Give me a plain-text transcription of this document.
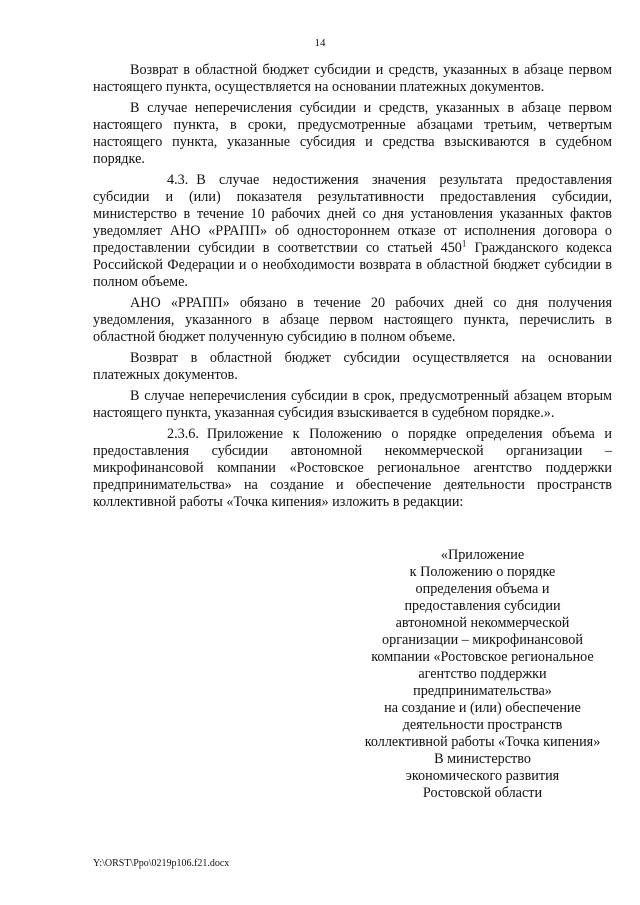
14

Возврат в областной бюджет субсидии и средств, указанных в абзаце первом настоящего пункта, осуществляется на основании платежных документов.

В случае неперечисления субсидии и средств, указанных в абзаце первом настоящего пункта, в сроки, предусмотренные абзацами третьим, четвертым настоящего пункта, указанные субсидия и средства взыскиваются в судебном порядке.

4.3. В случае недостижения значения результата предоставления субсидии и (или) показателя результативности предоставления субсидии, министерство в течение 10 рабочих дней со дня установления указанных фактов уведомляет АНО «РРАПП» об одностороннем отказе от исполнения договора о предоставлении субсидии в соответствии со статьей $450^1$ Гражданского кодекса Российской Федерации и о необходимости возврата в областной бюджет субсидии в полном объеме.

АНО «РРАПП» обязано в течение 20 рабочих дней со дня получения уведомления, указанного в абзаце первом настоящего пункта, перечислить в областной бюджет полученную субсидию в полном объеме.

Возврат в областной бюджет субсидии осуществляется на основании платежных документов.

В случае неперечисления субсидии в срок, предусмотренный абзацем вторым настоящего пункта, указанная субсидия взыскивается в судебном порядке.».

2.3.6. Приложение к Положению о порядке определения объема и предоставления субсидии автономной некоммерческой организации – микрофинансовой компании «Ростовское региональное агентство поддержки предпринимательства» на создание и обеспечение деятельности пространств коллективной работы «Точка кипения» изложить в редакции:

«Приложение
к Положению о порядке
определения объема и
предоставления субсидии
автономной некоммерческой
организации – микрофинансовой
компании «Ростовское региональное
агентство поддержки
предпринимательства»
на создание и (или) обеспечение
деятельности пространств
коллективной работы «Точка кипения»
В министерство
экономического развития
Ростовской области
Y:\ORST\Ppo\0219p106.f21.docx
